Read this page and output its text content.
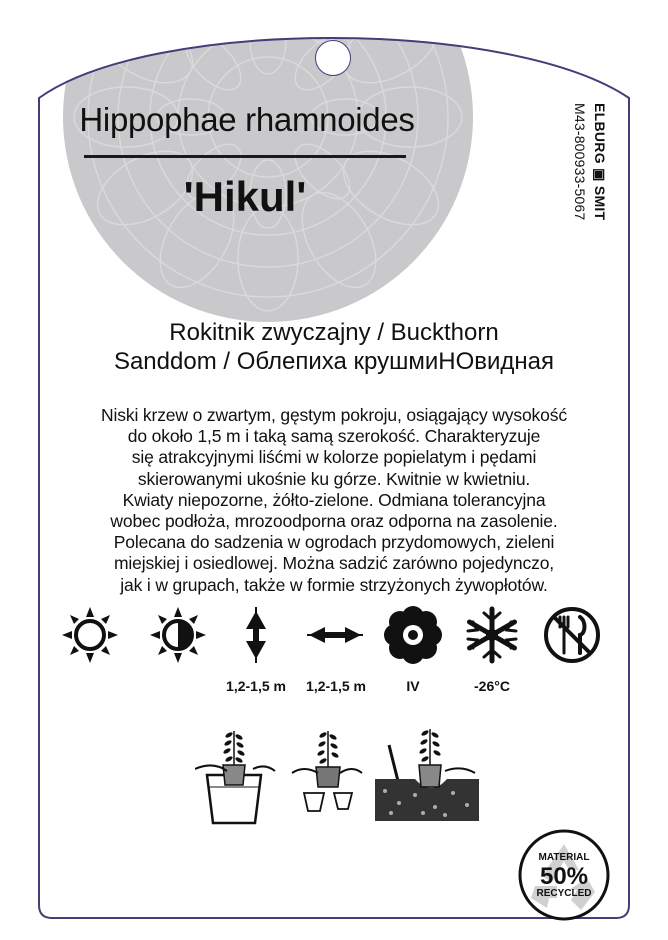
Hippophae rhamnoides
'Hikul'	ELBURG ▣ SMIT
M43-800933-5067
Rokitnik zwyczajny / Buckthorn
Sanddom / Облепиха крушмиНОвидная
Niski krzew o zwartym, gęstym pokroju, osiągający wysokość
do około 1,5 m i taką samą szerokość. Charakteryzuje
się atrakcyjnymi liśćmi w kolorze popielatym i pędami
skierowanymi ukośnie ku górze. Kwitnie w kwietniu.
Kwiaty niepozorne, żółto-zielone. Odmiana tolerancyjna
wobec podłoża, mrozoodporna oraz odporna na zasolenie.
Polecana do sadzenia w ogrodach przydomowych, zieleni
miejskiej i osiedlowej. Można sadzić zarówno pojedynczo,
jak i w grupach, także w formie strzyżonych żywopłotów.
1,2-1,5 m	1,2-1,5 m	IV	-26°C
MATERIAL
50%
RECYCLED
